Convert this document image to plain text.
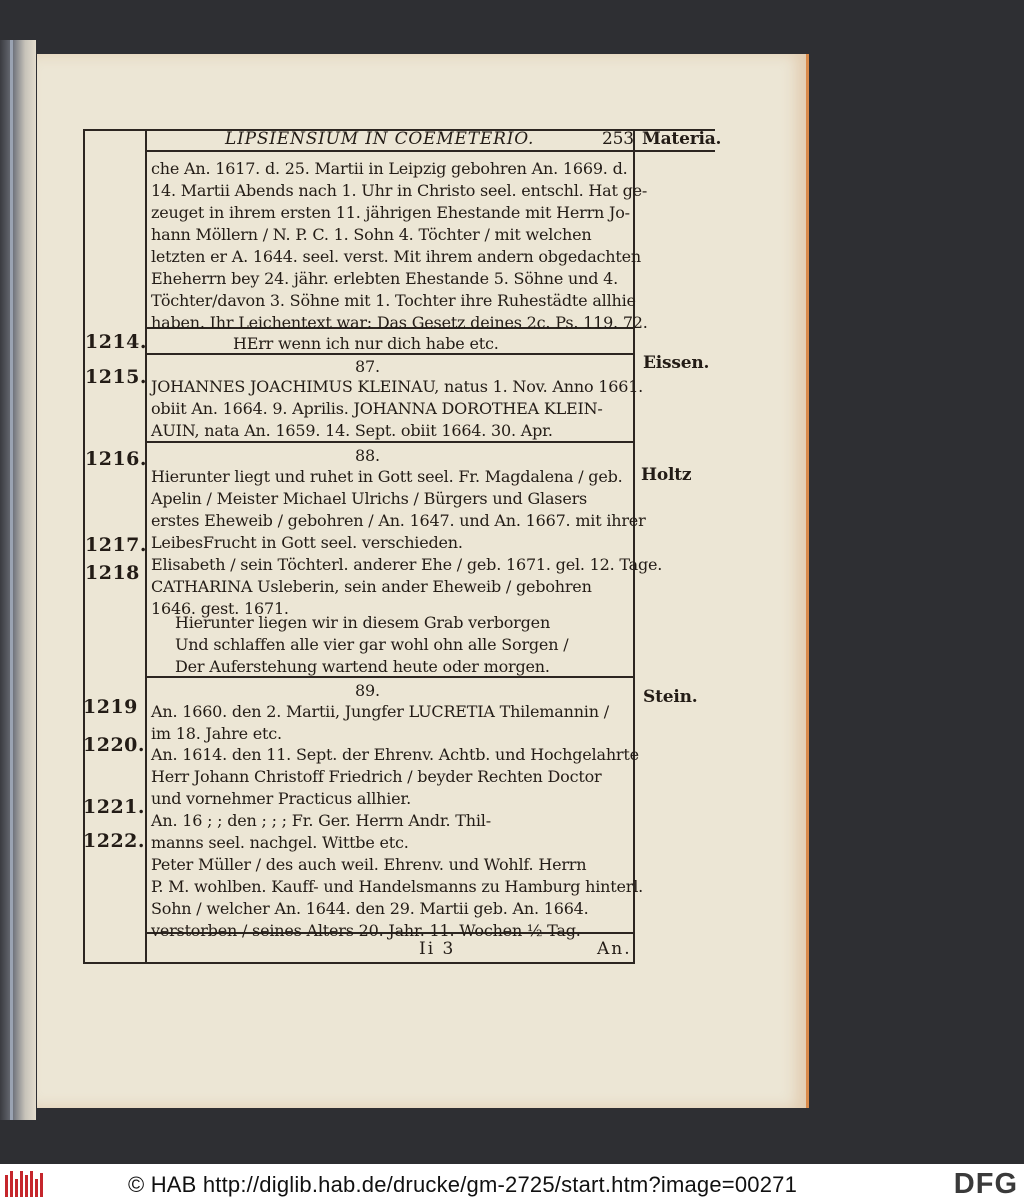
LIPSIENSIUM IN COEMETERIO.	253 Materia.
che An. 1617. d. 25. Martii in Leipzig gebohren An. 1669. d.
14. Martii Abends nach 1. Uhr in Christo seel. entschl. Hat ge-
zeuget in ihrem ersten 11. jährigen Ehestande mit Herrn Jo-
hann Möllern / N. P. C. 1. Sohn 4. Töchter / mit welchen
letzten er A. 1644. seel. verst. Mit ihrem andern obgedachten
Eheherrn bey 24. jähr. erlebten Ehestande 5. Söhne und 4.
Töchter/davon 3. Söhne mit 1. Tochter ihre Ruhestädte allhie
haben. Ihr Leichentext war: Das Gesetz deines 2c. Ps. 119. 72.
1214.	HErr wenn ich nur dich habe etc.
87.	Eissen.
1215. JOHANNES JOACHIMUS KLEINAU, natus 1. Nov. Anno 1661.
obiit An. 1664. 9. Aprilis. JOHANNA DOROTHEA KLEIN-
AUIN, nata An. 1659. 14. Sept. obiit 1664. 30. Apr.
88.
Holtz
1216.
Hierunter liegt und ruhet in Gott seel. Fr. Magdalena / geb.
Apelin / Meister Michael Ulrichs / Bürgers und Glasers
erstes Eheweib / gebohren / An. 1647. und An. 1667. mit ihrer
LeibesFrucht in Gott seel. verschieden.
1217.
Elisabeth / sein Töchterl. anderer Ehe / geb. 1671. gel. 12. Tage.
1218
CATHARINA Usleberin, sein ander Eheweib / gebohren
1646. gest. 1671.
Hierunter liegen wir in diesem Grab verborgen
Und schlaffen alle vier gar wohl ohn alle Sorgen /
Der Auferstehung wartend heute oder morgen.
89.	Stein.
1219 An. 1660. den 2. Martii, Jungfer LUCRETIA Thilemannin /
im 18. Jahre etc.
1220. An. 1614. den 11. Sept. der Ehrenv. Achtb. und Hochgelahrte
Herr Johann Christoff Friedrich / beyder Rechten Doctor
und vornehmer Practicus allhier.
1221.
An. 16 ; ; den ; ; ; Fr. Ger. Herrn Andr. Thil-
manns seel. nachgel. Wittbe etc.
1222.
Peter Müller / des auch weil. Ehrenv. und Wohlf. Herrn
P. M. wohlben. Kauff- und Handelsmanns zu Hamburg hinterl.
Sohn / welcher An. 1644. den 29. Martii geb. An. 1664.
verstorben / seines Alters 20. Jahr. 11. Wochen ½ Tag.
Ii 3	An.
© HAB http://diglib.hab.de/drucke/gm-2725/start.htm?image=00271	DFG
